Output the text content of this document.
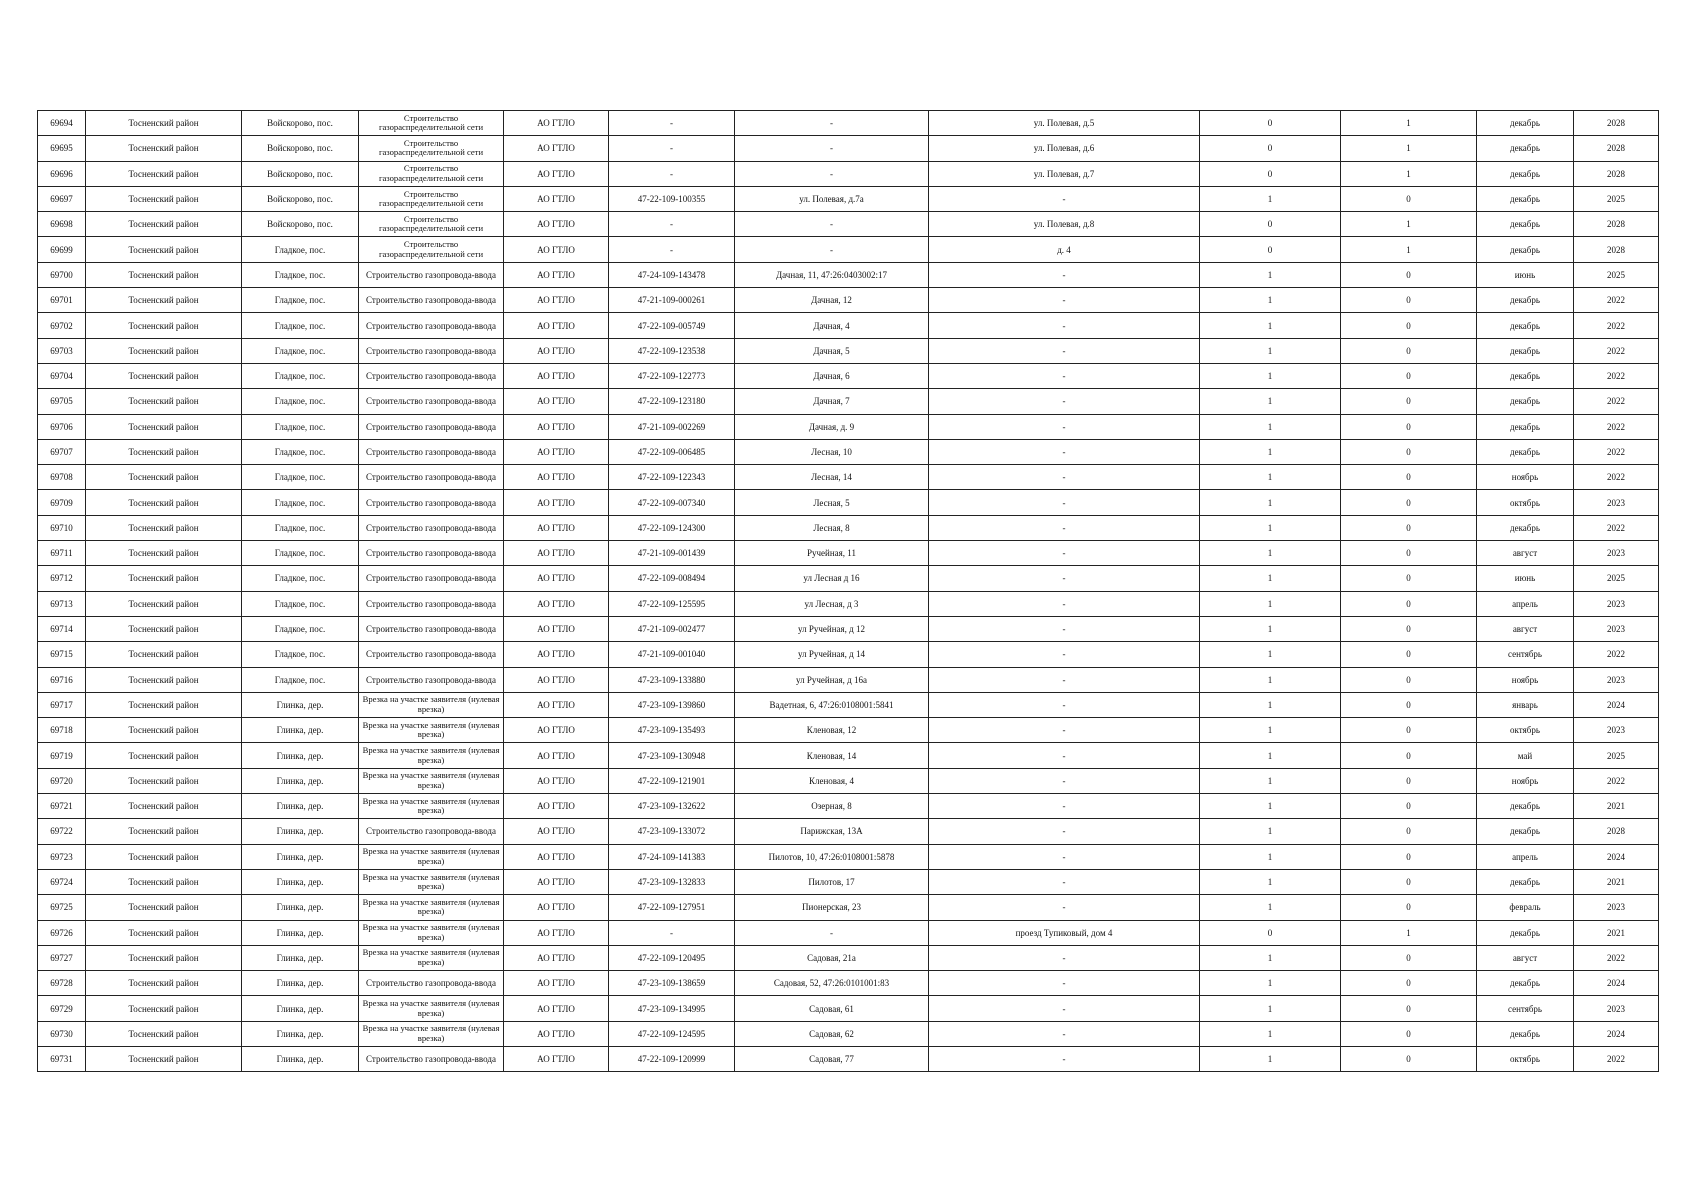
69694	Тосненский район	Войскорово, пос.	Строительство газораспределительной сети	АО ГТЛО	-	-	ул. Полевая, д.5	0	1	декабрь	2028
69695	Тосненский район	Войскорово, пос.	Строительство газораспределительной сети	АО ГТЛО	-	-	ул. Полевая, д.6	0	1	декабрь	2028
69696	Тосненский район	Войскорово, пос.	Строительство газораспределительной сети	АО ГТЛО	-	-	ул. Полевая, д.7	0	1	декабрь	2028
69697	Тосненский район	Войскорово, пос.	Строительство газораспределительной сети	АО ГТЛО	47-22-109-100355	ул. Полевая, д.7а	-	1	0	декабрь	2025
69698	Тосненский район	Войскорово, пос.	Строительство газораспределительной сети	АО ГТЛО	-	-	ул. Полевая, д.8	0	1	декабрь	2028
69699	Тосненский район	Гладкое, пос.	Строительство газораспределительной сети	АО ГТЛО	-	-	д. 4	0	1	декабрь	2028
69700	Тосненский район	Гладкое, пос.	Строительство газопровода-ввода	АО ГТЛО	47-24-109-143478	Дачная, 11, 47:26:0403002:17	-	1	0	июнь	2025
69701	Тосненский район	Гладкое, пос.	Строительство газопровода-ввода	АО ГТЛО	47-21-109-000261	Дачная, 12	-	1	0	декабрь	2022
69702	Тосненский район	Гладкое, пос.	Строительство газопровода-ввода	АО ГТЛО	47-22-109-005749	Дачная, 4	-	1	0	декабрь	2022
69703	Тосненский район	Гладкое, пос.	Строительство газопровода-ввода	АО ГТЛО	47-22-109-123538	Дачная, 5	-	1	0	декабрь	2022
69704	Тосненский район	Гладкое, пос.	Строительство газопровода-ввода	АО ГТЛО	47-22-109-122773	Дачная, 6	-	1	0	декабрь	2022
69705	Тосненский район	Гладкое, пос.	Строительство газопровода-ввода	АО ГТЛО	47-22-109-123180	Дачная, 7	-	1	0	декабрь	2022
69706	Тосненский район	Гладкое, пос.	Строительство газопровода-ввода	АО ГТЛО	47-21-109-002269	Дачная, д. 9	-	1	0	декабрь	2022
69707	Тосненский район	Гладкое, пос.	Строительство газопровода-ввода	АО ГТЛО	47-22-109-006485	Лесная, 10	-	1	0	декабрь	2022
69708	Тосненский район	Гладкое, пос.	Строительство газопровода-ввода	АО ГТЛО	47-22-109-122343	Лесная, 14	-	1	0	ноябрь	2022
69709	Тосненский район	Гладкое, пос.	Строительство газопровода-ввода	АО ГТЛО	47-22-109-007340	Лесная, 5	-	1	0	октябрь	2023
69710	Тосненский район	Гладкое, пос.	Строительство газопровода-ввода	АО ГТЛО	47-22-109-124300	Лесная, 8	-	1	0	декабрь	2022
69711	Тосненский район	Гладкое, пос.	Строительство газопровода-ввода	АО ГТЛО	47-21-109-001439	Ручейная, 11	-	1	0	август	2023
69712	Тосненский район	Гладкое, пос.	Строительство газопровода-ввода	АО ГТЛО	47-22-109-008494	ул Лесная д 16	-	1	0	июнь	2025
69713	Тосненский район	Гладкое, пос.	Строительство газопровода-ввода	АО ГТЛО	47-22-109-125595	ул Лесная, д 3	-	1	0	апрель	2023
69714	Тосненский район	Гладкое, пос.	Строительство газопровода-ввода	АО ГТЛО	47-21-109-002477	ул Ручейная, д 12	-	1	0	август	2023
69715	Тосненский район	Гладкое, пос.	Строительство газопровода-ввода	АО ГТЛО	47-21-109-001040	ул Ручейная, д 14	-	1	0	сентябрь	2022
69716	Тосненский район	Гладкое, пос.	Строительство газопровода-ввода	АО ГТЛО	47-23-109-133880	ул Ручейная, д 16а	-	1	0	ноябрь	2023
69717	Тосненский район	Глинка, дер.	Врезка на участке заявителя (нулевая врезка)	АО ГТЛО	47-23-109-139860	Вадетная, 6, 47:26:0108001:5841	-	1	0	январь	2024
69718	Тосненский район	Глинка, дер.	Врезка на участке заявителя (нулевая врезка)	АО ГТЛО	47-23-109-135493	Кленовая, 12	-	1	0	октябрь	2023
69719	Тосненский район	Глинка, дер.	Врезка на участке заявителя (нулевая врезка)	АО ГТЛО	47-23-109-130948	Кленовая, 14	-	1	0	май	2025
69720	Тосненский район	Глинка, дер.	Врезка на участке заявителя (нулевая врезка)	АО ГТЛО	47-22-109-121901	Кленовая, 4	-	1	0	ноябрь	2022
69721	Тосненский район	Глинка, дер.	Врезка на участке заявителя (нулевая врезка)	АО ГТЛО	47-23-109-132622	Озерная, 8	-	1	0	декабрь	2021
69722	Тосненский район	Глинка, дер.	Строительство газопровода-ввода	АО ГТЛО	47-23-109-133072	Парижская, 13А	-	1	0	декабрь	2028
69723	Тосненский район	Глинка, дер.	Врезка на участке заявителя (нулевая врезка)	АО ГТЛО	47-24-109-141383	Пилотов, 10, 47:26:0108001:5878	-	1	0	апрель	2024
69724	Тосненский район	Глинка, дер.	Врезка на участке заявителя (нулевая врезка)	АО ГТЛО	47-23-109-132833	Пилотов, 17	-	1	0	декабрь	2021
69725	Тосненский район	Глинка, дер.	Врезка на участке заявителя (нулевая врезка)	АО ГТЛО	47-22-109-127951	Пионерская, 23	-	1	0	февраль	2023
69726	Тосненский район	Глинка, дер.	Врезка на участке заявителя (нулевая врезка)	АО ГТЛО	-	-	проезд Тупиковый, дом 4	0	1	декабрь	2021
69727	Тосненский район	Глинка, дер.	Врезка на участке заявителя (нулевая врезка)	АО ГТЛО	47-22-109-120495	Садовая, 21а	-	1	0	август	2022
69728	Тосненский район	Глинка, дер.	Строительство газопровода-ввода	АО ГТЛО	47-23-109-138659	Садовая, 52, 47:26:0101001:83	-	1	0	декабрь	2024
69729	Тосненский район	Глинка, дер.	Врезка на участке заявителя (нулевая врезка)	АО ГТЛО	47-23-109-134995	Садовая, 61	-	1	0	сентябрь	2023
69730	Тосненский район	Глинка, дер.	Врезка на участке заявителя (нулевая врезка)	АО ГТЛО	47-22-109-124595	Садовая, 62	-	1	0	декабрь	2024
69731	Тосненский район	Глинка, дер.	Строительство газопровода-ввода	АО ГТЛО	47-22-109-120999	Садовая, 77	-	1	0	октябрь	2022
